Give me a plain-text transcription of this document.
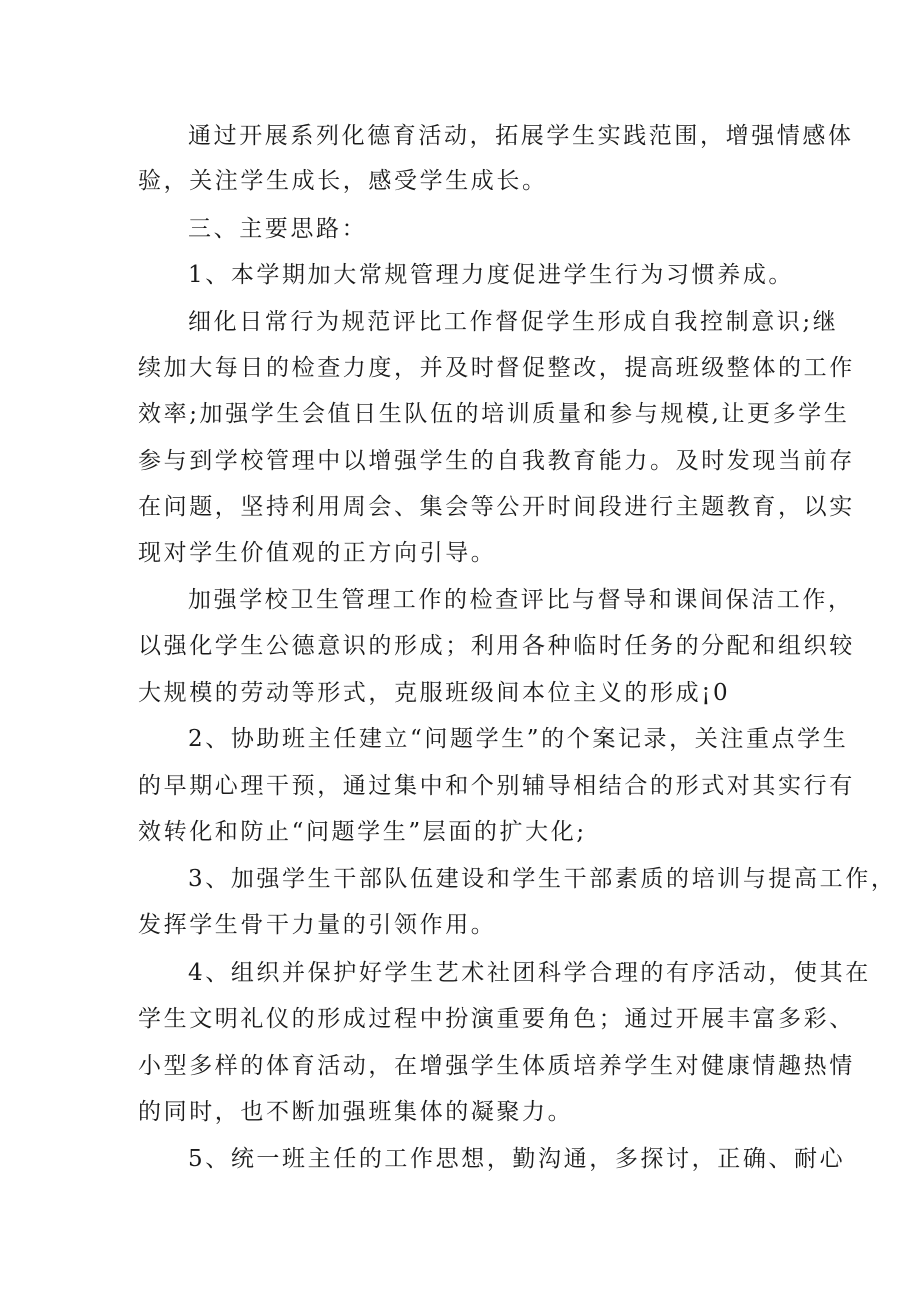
通过开展系列化德育活动，拓展学生实践范围，增强情感体
验，关注学生成长，感受学生成长。
三、主要思路：
1、本学期加大常规管理力度促进学生行为习惯养成。
细化日常行为规范评比工作督促学生形成自我控制意识;继
续加大每日的检查力度，并及时督促整改，提高班级整体的工作
效率;加强学生会值日生队伍的培训质量和参与规模,让更多学生
参与到学校管理中以增强学生的自我教育能力。及时发现当前存
在问题，坚持利用周会、集会等公开时间段进行主题教育，以实
现对学生价值观的正方向引导。
加强学校卫生管理工作的检查评比与督导和课间保洁工作，
以强化学生公德意识的形成；利用各种临时任务的分配和组织较
大规模的劳动等形式，克服班级间本位主义的形成¡0
2、协助班主任建立“问题学生”的个案记录，关注重点学生
的早期心理干预，通过集中和个别辅导相结合的形式对其实行有
效转化和防止“问题学生”层面的扩大化;
3、加强学生干部队伍建设和学生干部素质的培训与提高工作，
发挥学生骨干力量的引领作用。
4、组织并保护好学生艺术社团科学合理的有序活动，使其在
学生文明礼仪的形成过程中扮演重要角色；通过开展丰富多彩、
小型多样的体育活动，在增强学生体质培养学生对健康情趣热情
的同时，也不断加强班集体的凝聚力。
5、统一班主任的工作思想，勤沟通，多探讨，正确、耐心
